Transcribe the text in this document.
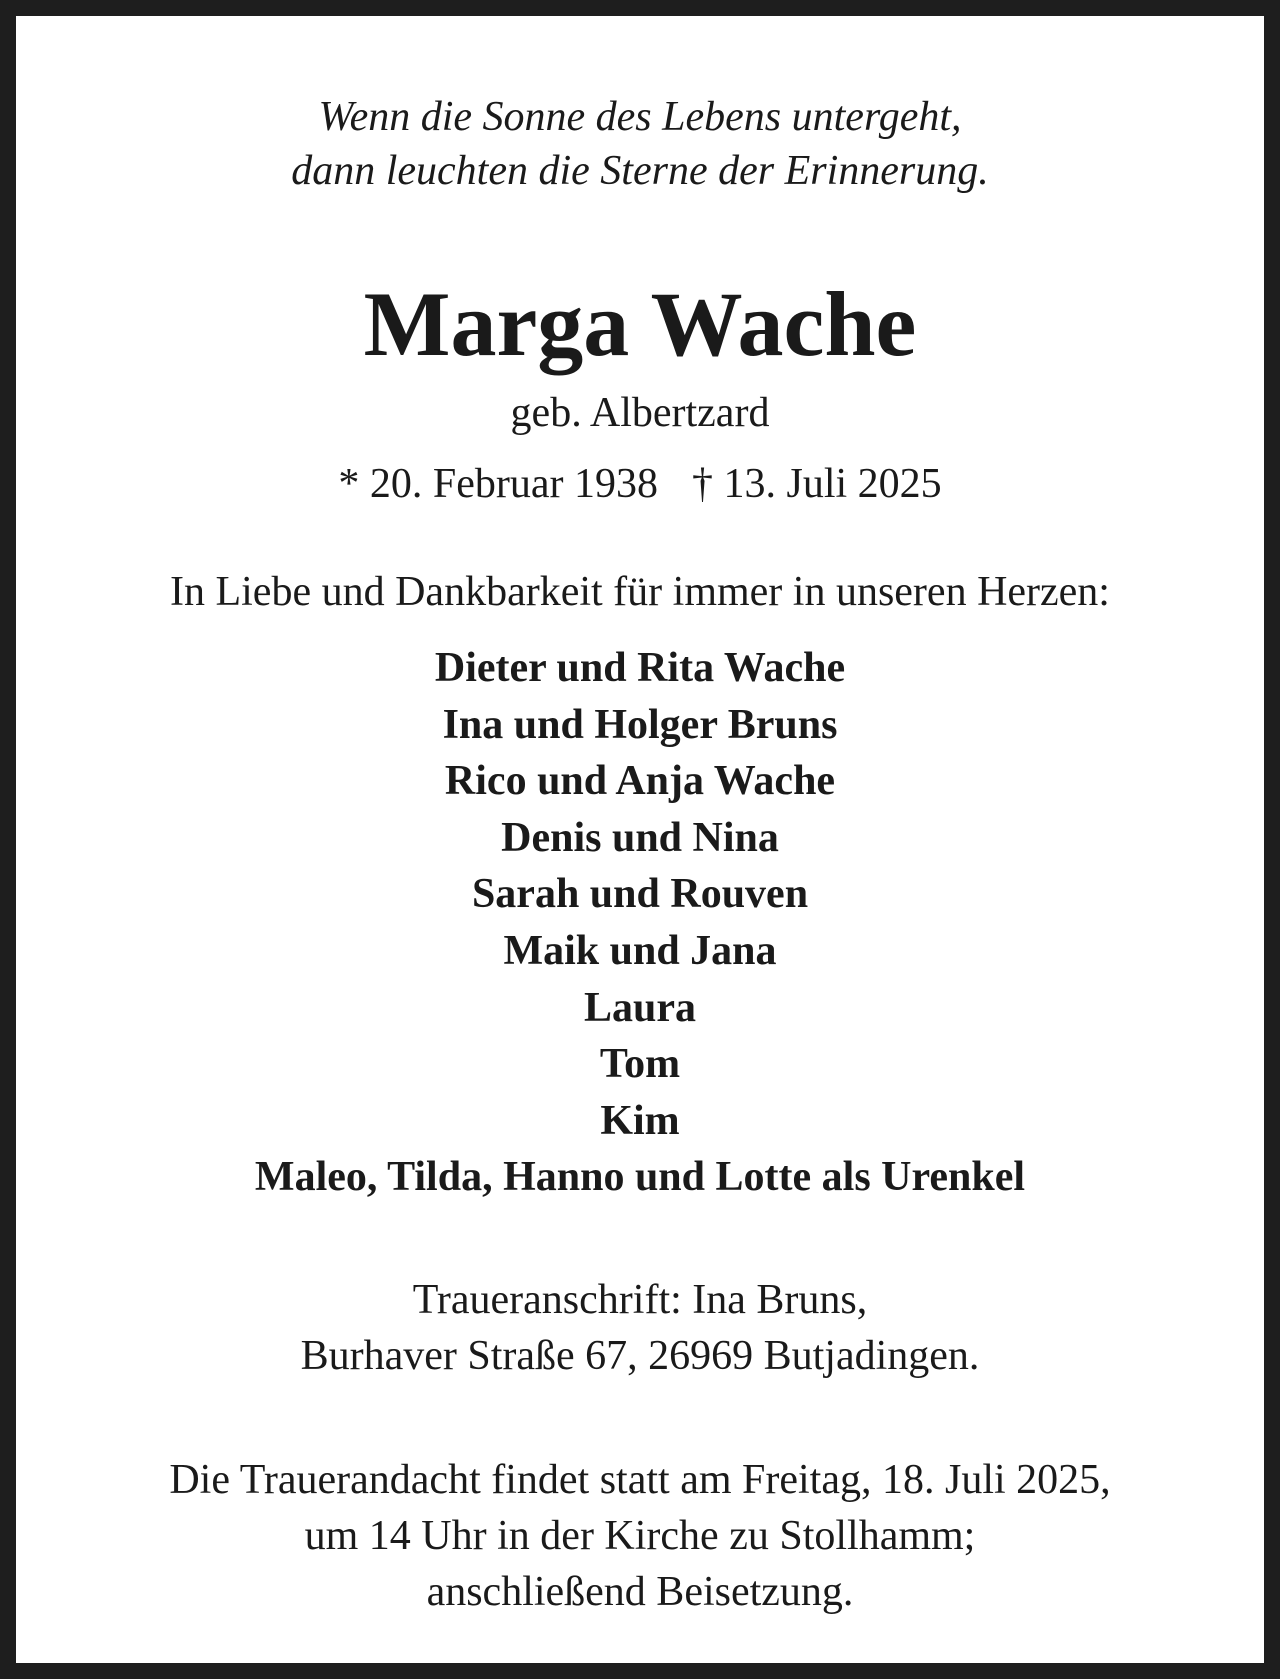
Wenn die Sonne des Lebens untergeht,
dann leuchten die Sterne der Erinnerung.
Marga Wache
geb. Albertzard
* 20. Februar 1938 † 13. Juli 2025
In Liebe und Dankbarkeit für immer in unseren Herzen:
Dieter und Rita Wache
Ina und Holger Bruns
Rico und Anja Wache
Denis und Nina
Sarah und Rouven
Maik und Jana
Laura
Tom
Kim
Maleo, Tilda, Hanno und Lotte als Urenkel
Traueranschrift: Ina Bruns,
Burhaver Straße 67, 26969 Butjadingen.
Die Trauerandacht findet statt am Freitag, 18. Juli 2025,
um 14 Uhr in der Kirche zu Stollhamm;
anschließend Beisetzung.
